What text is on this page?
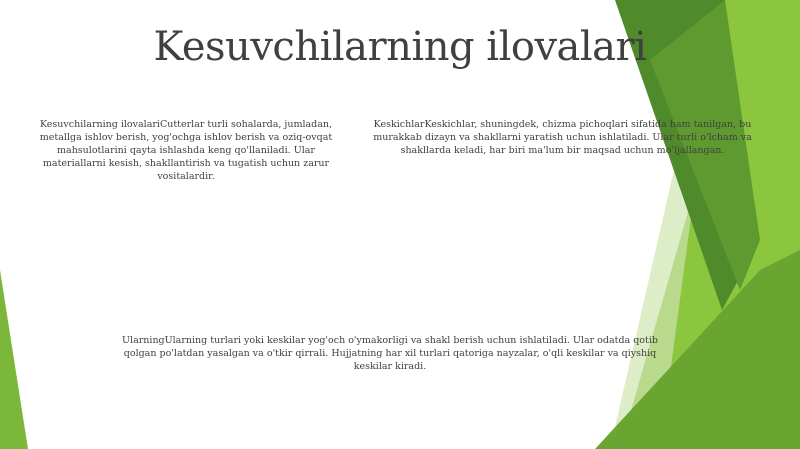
Kesuvchilarning ilovalari
Kesuvchilarning ilovalariCutterlar turli sohalarda, jumladan, metallga ishlov berish, yog'ochga ishlov berish va oziq-ovqat mahsulotlarini qayta ishlashda keng qo'llaniladi. Ular materiallarni kesish, shakllantirish va tugatish uchun zarur vositalardir.
KeskichlarKeskichlar, shuningdek, chizma pichoqlari sifatida ham tanilgan, bu murakkab dizayn va shakllarni yaratish uchun ishlatiladi. Ular turli o'lcham va shakllarda keladi, har biri ma'lum bir maqsad uchun mo'ljallangan.
UlarningUlarning turlari yoki keskilar yog'och o'ymakorligi va shakl berish uchun ishlatiladi. Ular odatda qotib qolgan po'latdan yasalgan va o'tkir qirrali. Hujjatning har xil turlari qatoriga nayzalar, o'qli keskilar va qiyshiq keskilar kiradi.
